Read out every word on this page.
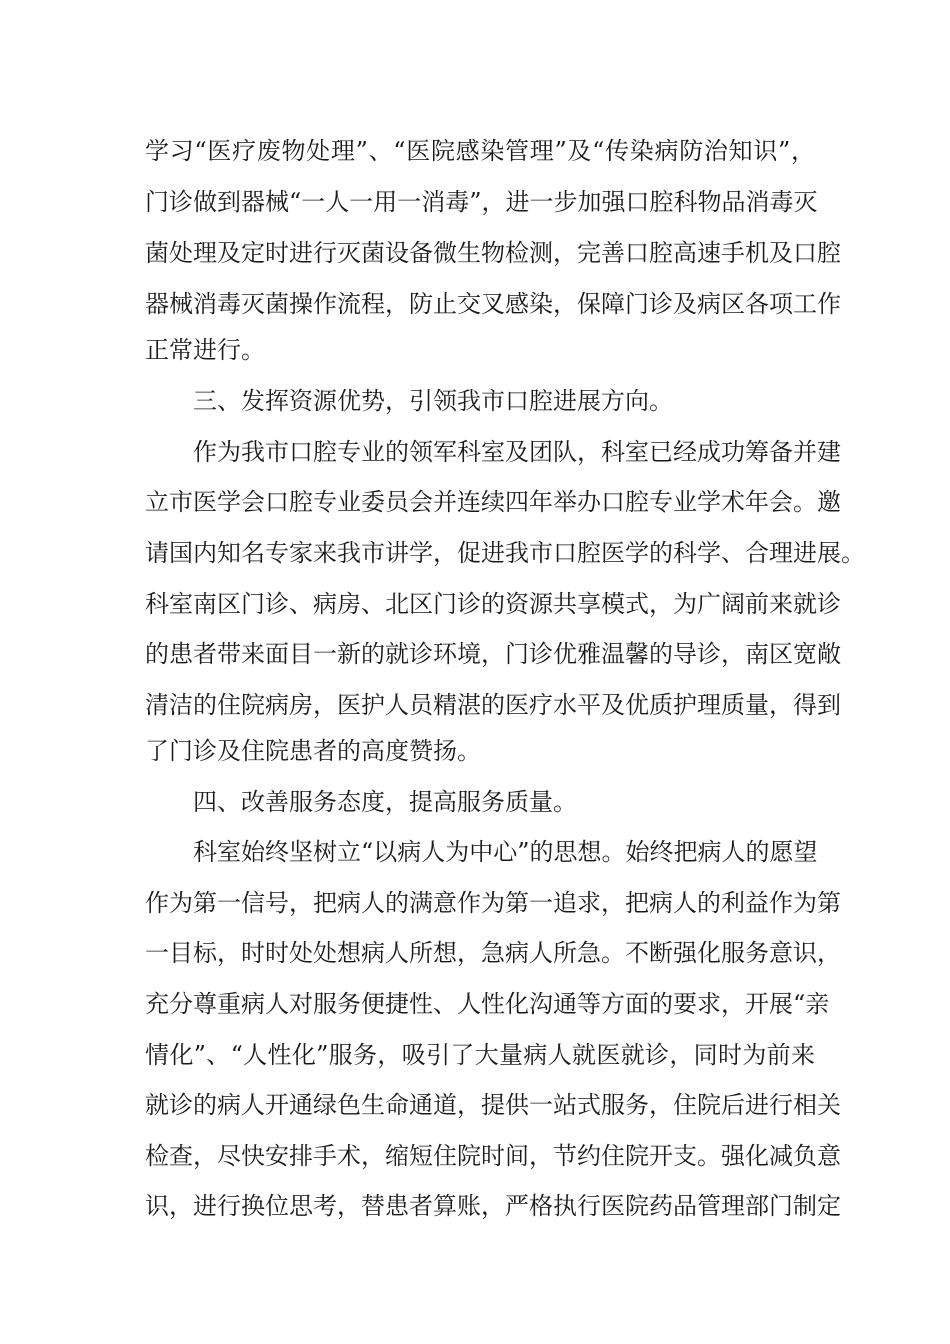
学习“医疗废物处理”、“医院感染管理”及“传染病防治知识”，
门诊做到器械“一人一用一消毒”，进一步加强口腔科物品消毒灭
菌处理及定时进行灭菌设备微生物检测，完善口腔高速手机及口腔
器械消毒灭菌操作流程，防止交叉感染，保障门诊及病区各项工作
正常进行。
三、发挥资源优势，引领我市口腔进展方向。
作为我市口腔专业的领军科室及团队，科室已经成功筹备并建
立市医学会口腔专业委员会并连续四年举办口腔专业学术年会。邀
请国内知名专家来我市讲学，促进我市口腔医学的科学、合理进展。
科室南区门诊、病房、北区门诊的资源共享模式，为广阔前来就诊
的患者带来面目一新的就诊环境，门诊优雅温馨的导诊，南区宽敞
清洁的住院病房，医护人员精湛的医疗水平及优质护理质量，得到
了门诊及住院患者的高度赞扬。
四、改善服务态度，提高服务质量。
科室始终坚树立“以病人为中心”的思想。始终把病人的愿望
作为第一信号，把病人的满意作为第一追求，把病人的利益作为第
一目标，时时处处想病人所想，急病人所急。不断强化服务意识，
充分尊重病人对服务便捷性、人性化沟通等方面的要求，开展“亲
情化”、“人性化”服务，吸引了大量病人就医就诊，同时为前来
就诊的病人开通绿色生命通道，提供一站式服务，住院后进行相关
检查，尽快安排手术，缩短住院时间，节约住院开支。强化减负意
识，进行换位思考，替患者算账，严格执行医院药品管理部门制定
